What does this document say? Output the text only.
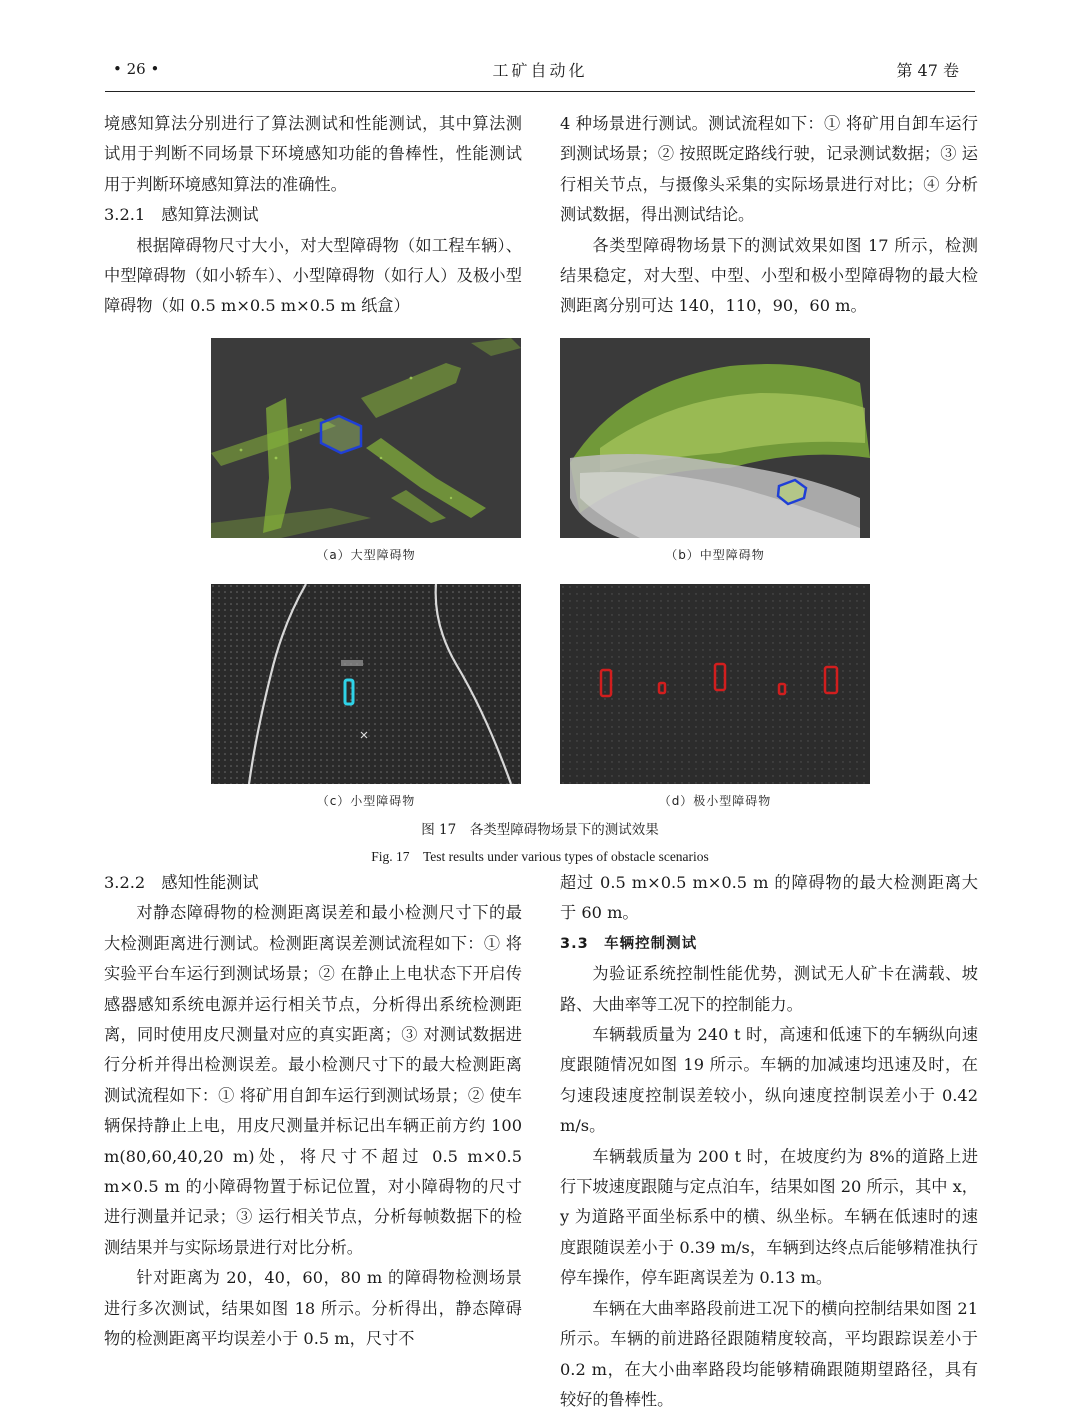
• 26 •	工矿自动化	第 47 卷

境感知算法分别进行了算法测试和性能测试，其中算法测试用于判断不同场景下环境感知功能的鲁棒性，性能测试用于判断环境感知算法的准确性。

3.2.1　感知算法测试

根据障碍物尺寸大小，对大型障碍物（如工程车辆）、中型障碍物（如小轿车）、小型障碍物（如行人）及极小型障碍物（如 0.5 m×0.5 m×0.5 m 纸盒）

4 种场景进行测试。测试流程如下：① 将矿用自卸车运行到测试场景；② 按照既定路线行驶，记录测试数据；③ 运行相关节点，与摄像头采集的实际场景进行对比；④ 分析测试数据，得出测试结论。

各类型障碍物场景下的测试效果如图 17 所示，检测结果稳定，对大型、中型、小型和极小型障碍物的最大检测距离分别可达 140，110，90，60 m。

（a）大型障碍物	（b）中型障碍物
（c）小型障碍物	（d）极小型障碍物
图 17　各类型障碍物场景下的测试效果
Fig. 17　Test results under various types of obstacle scenarios

3.2.2　感知性能测试

对静态障碍物的检测距离误差和最小检测尺寸下的最大检测距离进行测试。检测距离误差测试流程如下：① 将实验平台车运行到测试场景；② 在静止上电状态下开启传感器感知系统电源并运行相关节点，分析得出系统检测距离，同时使用皮尺测量对应的真实距离；③ 对测试数据进行分析并得出检测误差。最小检测尺寸下的最大检测距离测试流程如下：① 将矿用自卸车运行到测试场景；② 使车辆保持静止上电，用皮尺测量并标记出车辆正前方约 100 m(80,60,40,20 m)处，将尺寸不超过 0.5 m×0.5 m×0.5 m 的小障碍物置于标记位置，对小障碍物的尺寸进行测量并记录；③ 运行相关节点，分析每帧数据下的检测结果并与实际场景进行对比分析。

针对距离为 20，40，60，80 m 的障碍物检测场景进行多次测试，结果如图 18 所示。分析得出，静态障碍物的检测距离平均误差小于 0.5 m，尺寸不

超过 0.5 m×0.5 m×0.5 m 的障碍物的最大检测距离大于 60 m。

3.3　车辆控制测试

为验证系统控制性能优势，测试无人矿卡在满载、坡路、大曲率等工况下的控制能力。

车辆载质量为 240 t 时，高速和低速下的车辆纵向速度跟随情况如图 19 所示。车辆的加减速均迅速及时，在匀速段速度控制误差较小，纵向速度控制误差小于 0.42 m/s。

车辆载质量为 200 t 时，在坡度约为 8%的道路上进行下坡速度跟随与定点泊车，结果如图 20 所示，其中 x，y 为道路平面坐标系中的横、纵坐标。车辆在低速时的速度跟随误差小于 0.39 m/s，车辆到达终点后能够精准执行停车操作，停车距离误差为 0.13 m。

车辆在大曲率路段前进工况下的横向控制结果如图 21 所示。车辆的前进路径跟随精度较高，平均跟踪误差小于 0.2 m，在大小曲率路段均能够精确跟随期望路径，具有较好的鲁棒性。
